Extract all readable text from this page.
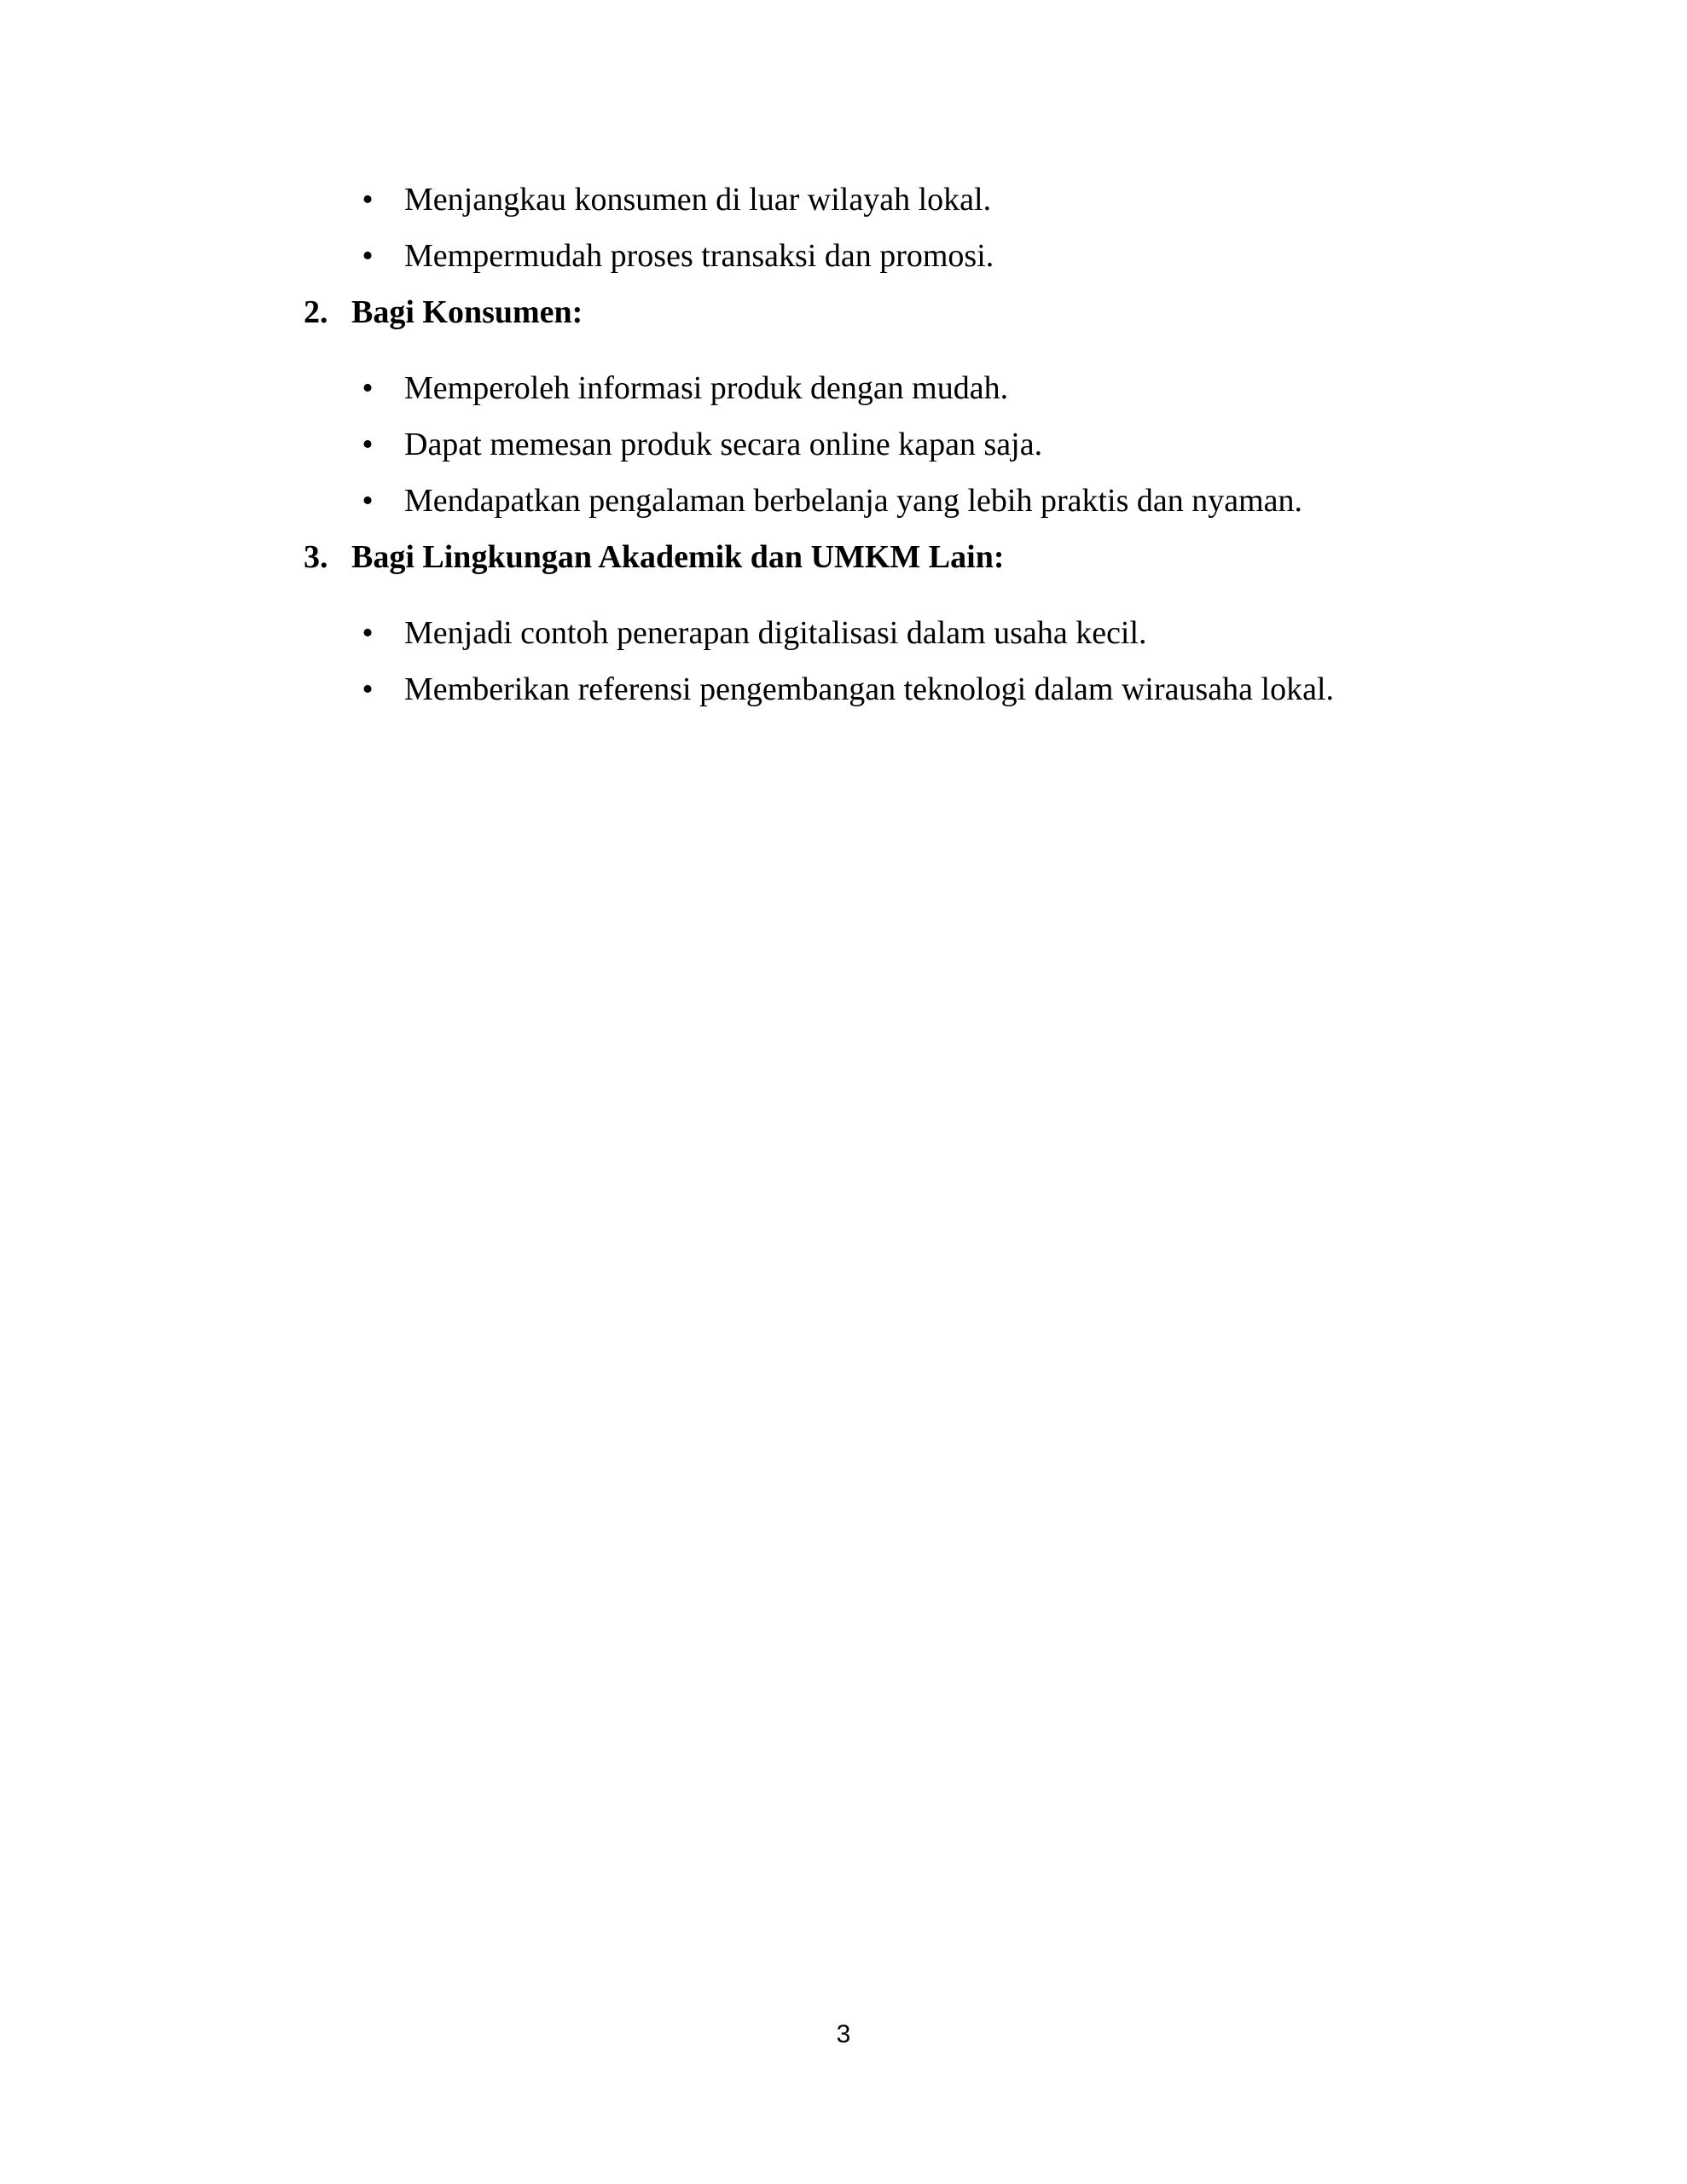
• Menjangkau konsumen di luar wilayah lokal.
• Mempermudah proses transaksi dan promosi.
2. Bagi Konsumen:
• Memperoleh informasi produk dengan mudah.
• Dapat memesan produk secara online kapan saja.
• Mendapatkan pengalaman berbelanja yang lebih praktis dan nyaman.
3. Bagi Lingkungan Akademik dan UMKM Lain:
• Menjadi contoh penerapan digitalisasi dalam usaha kecil.
• Memberikan referensi pengembangan teknologi dalam wirausaha lokal.
3
